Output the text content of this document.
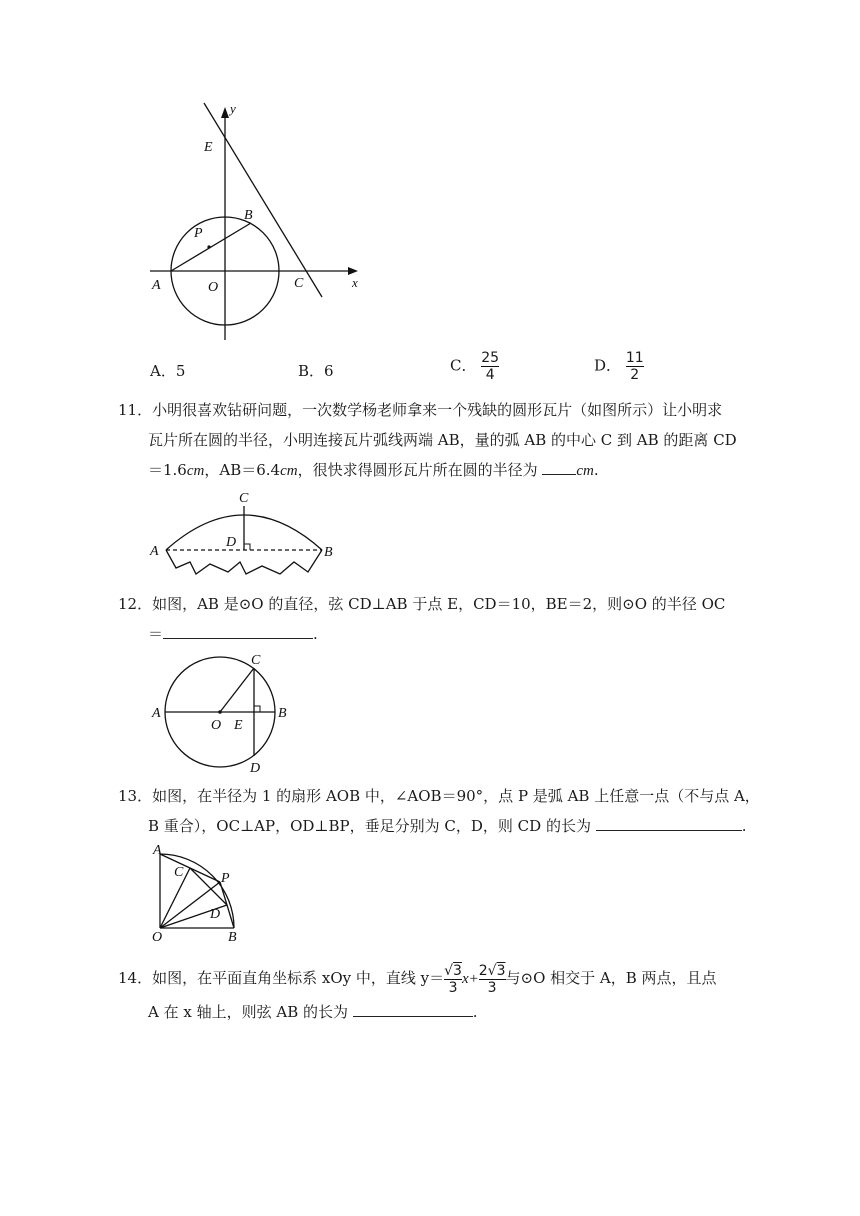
y
E
B
P
A	O	C	x
A．5	B．6	C． $\frac{25}{4}$	D． $\frac{11}{2}$
11．小明很喜欢钻研问题，一次数学杨老师拿来一个残缺的圆形瓦片（如图所示）让小明求
瓦片所在圆的半径，小明连接瓦片弧线两端 AB，量的弧 AB 的中心 C 到 AB 的距离 CD
＝1.6cm，AB＝6.4cm，很快求得圆形瓦片所在圆的半径为	cm.
A	B
C
D
12．如图，AB 是⊙O 的直径，弦 CD⊥AB 于点 E，CD＝10，BE＝2，则⊙O 的半径 OC
＝	.
A	B
C
D
O E
13．如图，在半径为 1 的扇形 AOB 中，∠AOB＝90°，点 P 是弧 AB 上任意一点（不与点 A，
B 重合），OC⊥AP，OD⊥BP，垂足分别为 C，D，则 CD 的长为	.
A
C	P
D
O	B
14．如图，在平面直角坐标系 xOy 中，直线 $y= \frac{√3}{3} x+ \frac{2√3}{3}$ 与⊙O 相交于 A，B 两点，且点
A 在 x 轴上，则弦 AB 的长为	.
